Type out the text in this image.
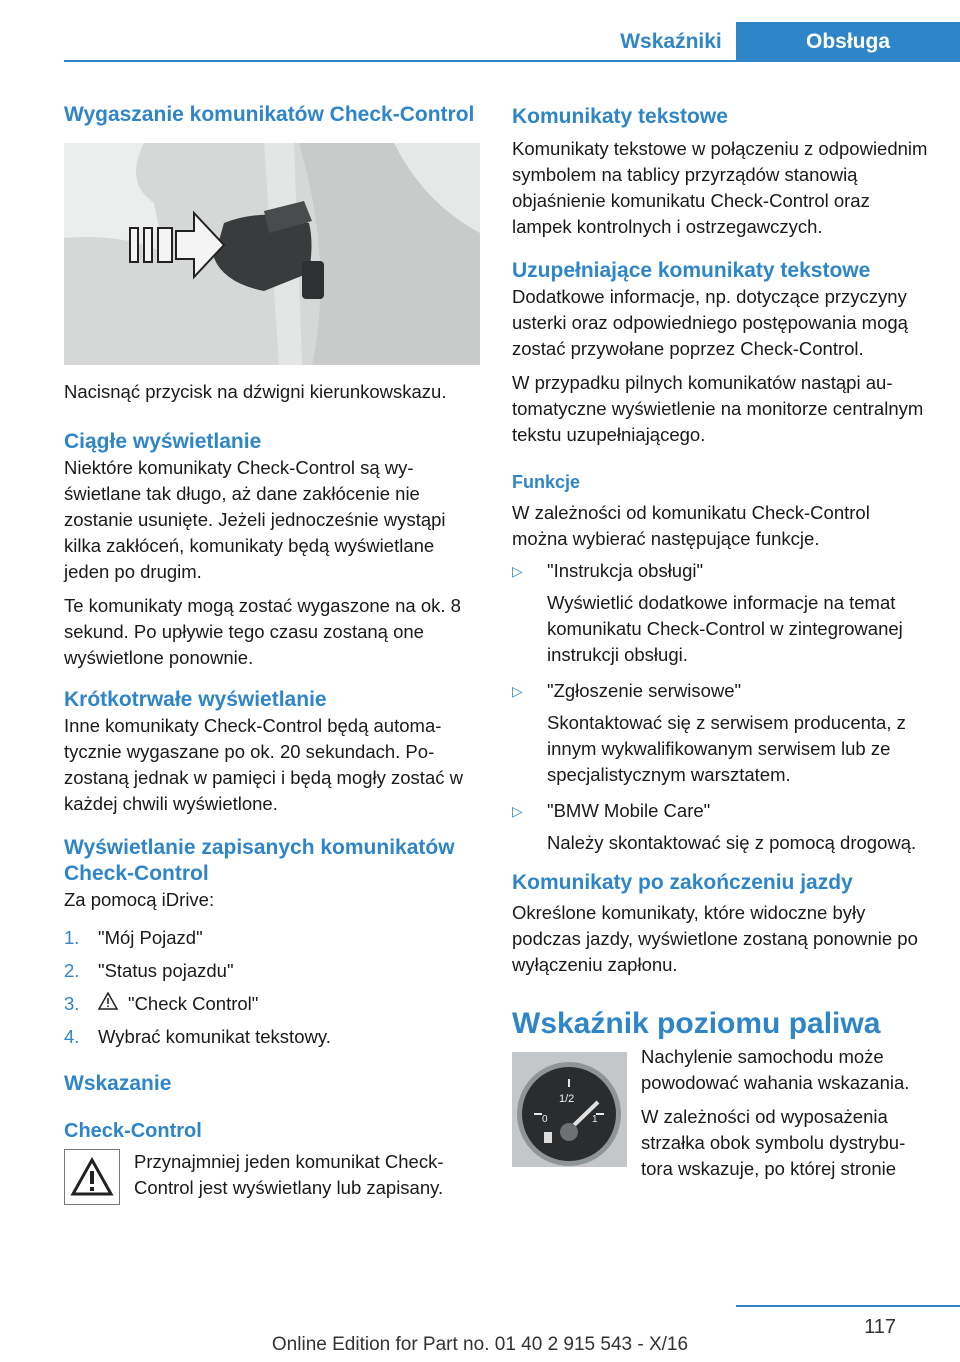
Wskaźniki	Obsługa
Wygaszanie komunikatów Check-Control

Nacisnąć przycisk na dźwigni kierunkowskazu.

Ciągłe wyświetlanie

Niektóre komunikaty Check-Control są wyświetlane tak długo, aż dane zakłócenie nie zostanie usunięte. Jeżeli jednocześnie wystąpi kilka zakłóceń, komunikaty będą wyświetlane jeden po drugim.

Te komunikaty mogą zostać wygaszone na ok. 8 sekund. Po upływie tego czasu zostaną one wyświetlone ponownie.

Krótkotrwałe wyświetlanie

Inne komunikaty Check-Control będą automatycznie wygaszane po ok. 20 sekundach. Pozostaną jednak w pamięci i będą mogły zostać w każdej chwili wyświetlone.

Wyświetlanie zapisanych komunikatów Check-Control

Za pomocą iDrive:

1.	"Mój Pojazd"
2.	"Status pojazdu"
3.	"Check Control"
4.	Wybrać komunikat tekstowy.
Wskazanie
Check-Control

Przynajmniej jeden komunikat Check-Control jest wyświetlany lub zapisany.

Komunikaty tekstowe

Komunikaty tekstowe w połączeniu z odpowiednim symbolem na tablicy przyrządów stanowią objaśnienie komunikatu Check-Control oraz lampek kontrolnych i ostrzegawczych.

Uzupełniające komunikaty tekstowe

Dodatkowe informacje, np. dotyczące przyczyny usterki oraz odpowiedniego postępowania mogą zostać przywołane poprzez Check-Control.

W przypadku pilnych komunikatów nastąpi automatyczne wyświetlenie na monitorze centralnym tekstu uzupełniającego.

Funkcje

W zależności od komunikatu Check-Control można wybierać następujące funkcje.

▷	"Instrukcja obsługi"
Wyświetlić dodatkowe informacje na temat komunikatu Check-Control w zintegrowanej instrukcji obsługi.
▷	"Zgłoszenie serwisowe"
Skontaktować się z serwisem producenta, z innym wykwalifikowanym serwisem lub ze specjalistycznym warsztatem.
▷	"BMW Mobile Care"
Należy skontaktować się z pomocą drogową.
Komunikaty po zakończeniu jazdy

Określone komunikaty, które widoczne były podczas jazdy, wyświetlone zostaną ponownie po wyłączeniu zapłonu.

Wskaźnik poziomu paliwa
1/2
0	1

Nachylenie samochodu może powodować wahania wskazania.

W zależności od wyposażenia strzałka obok symbolu dystrybutora wskazuje, po której stronie

117
Online Edition for Part no. 01 40 2 915 543 - X/16
